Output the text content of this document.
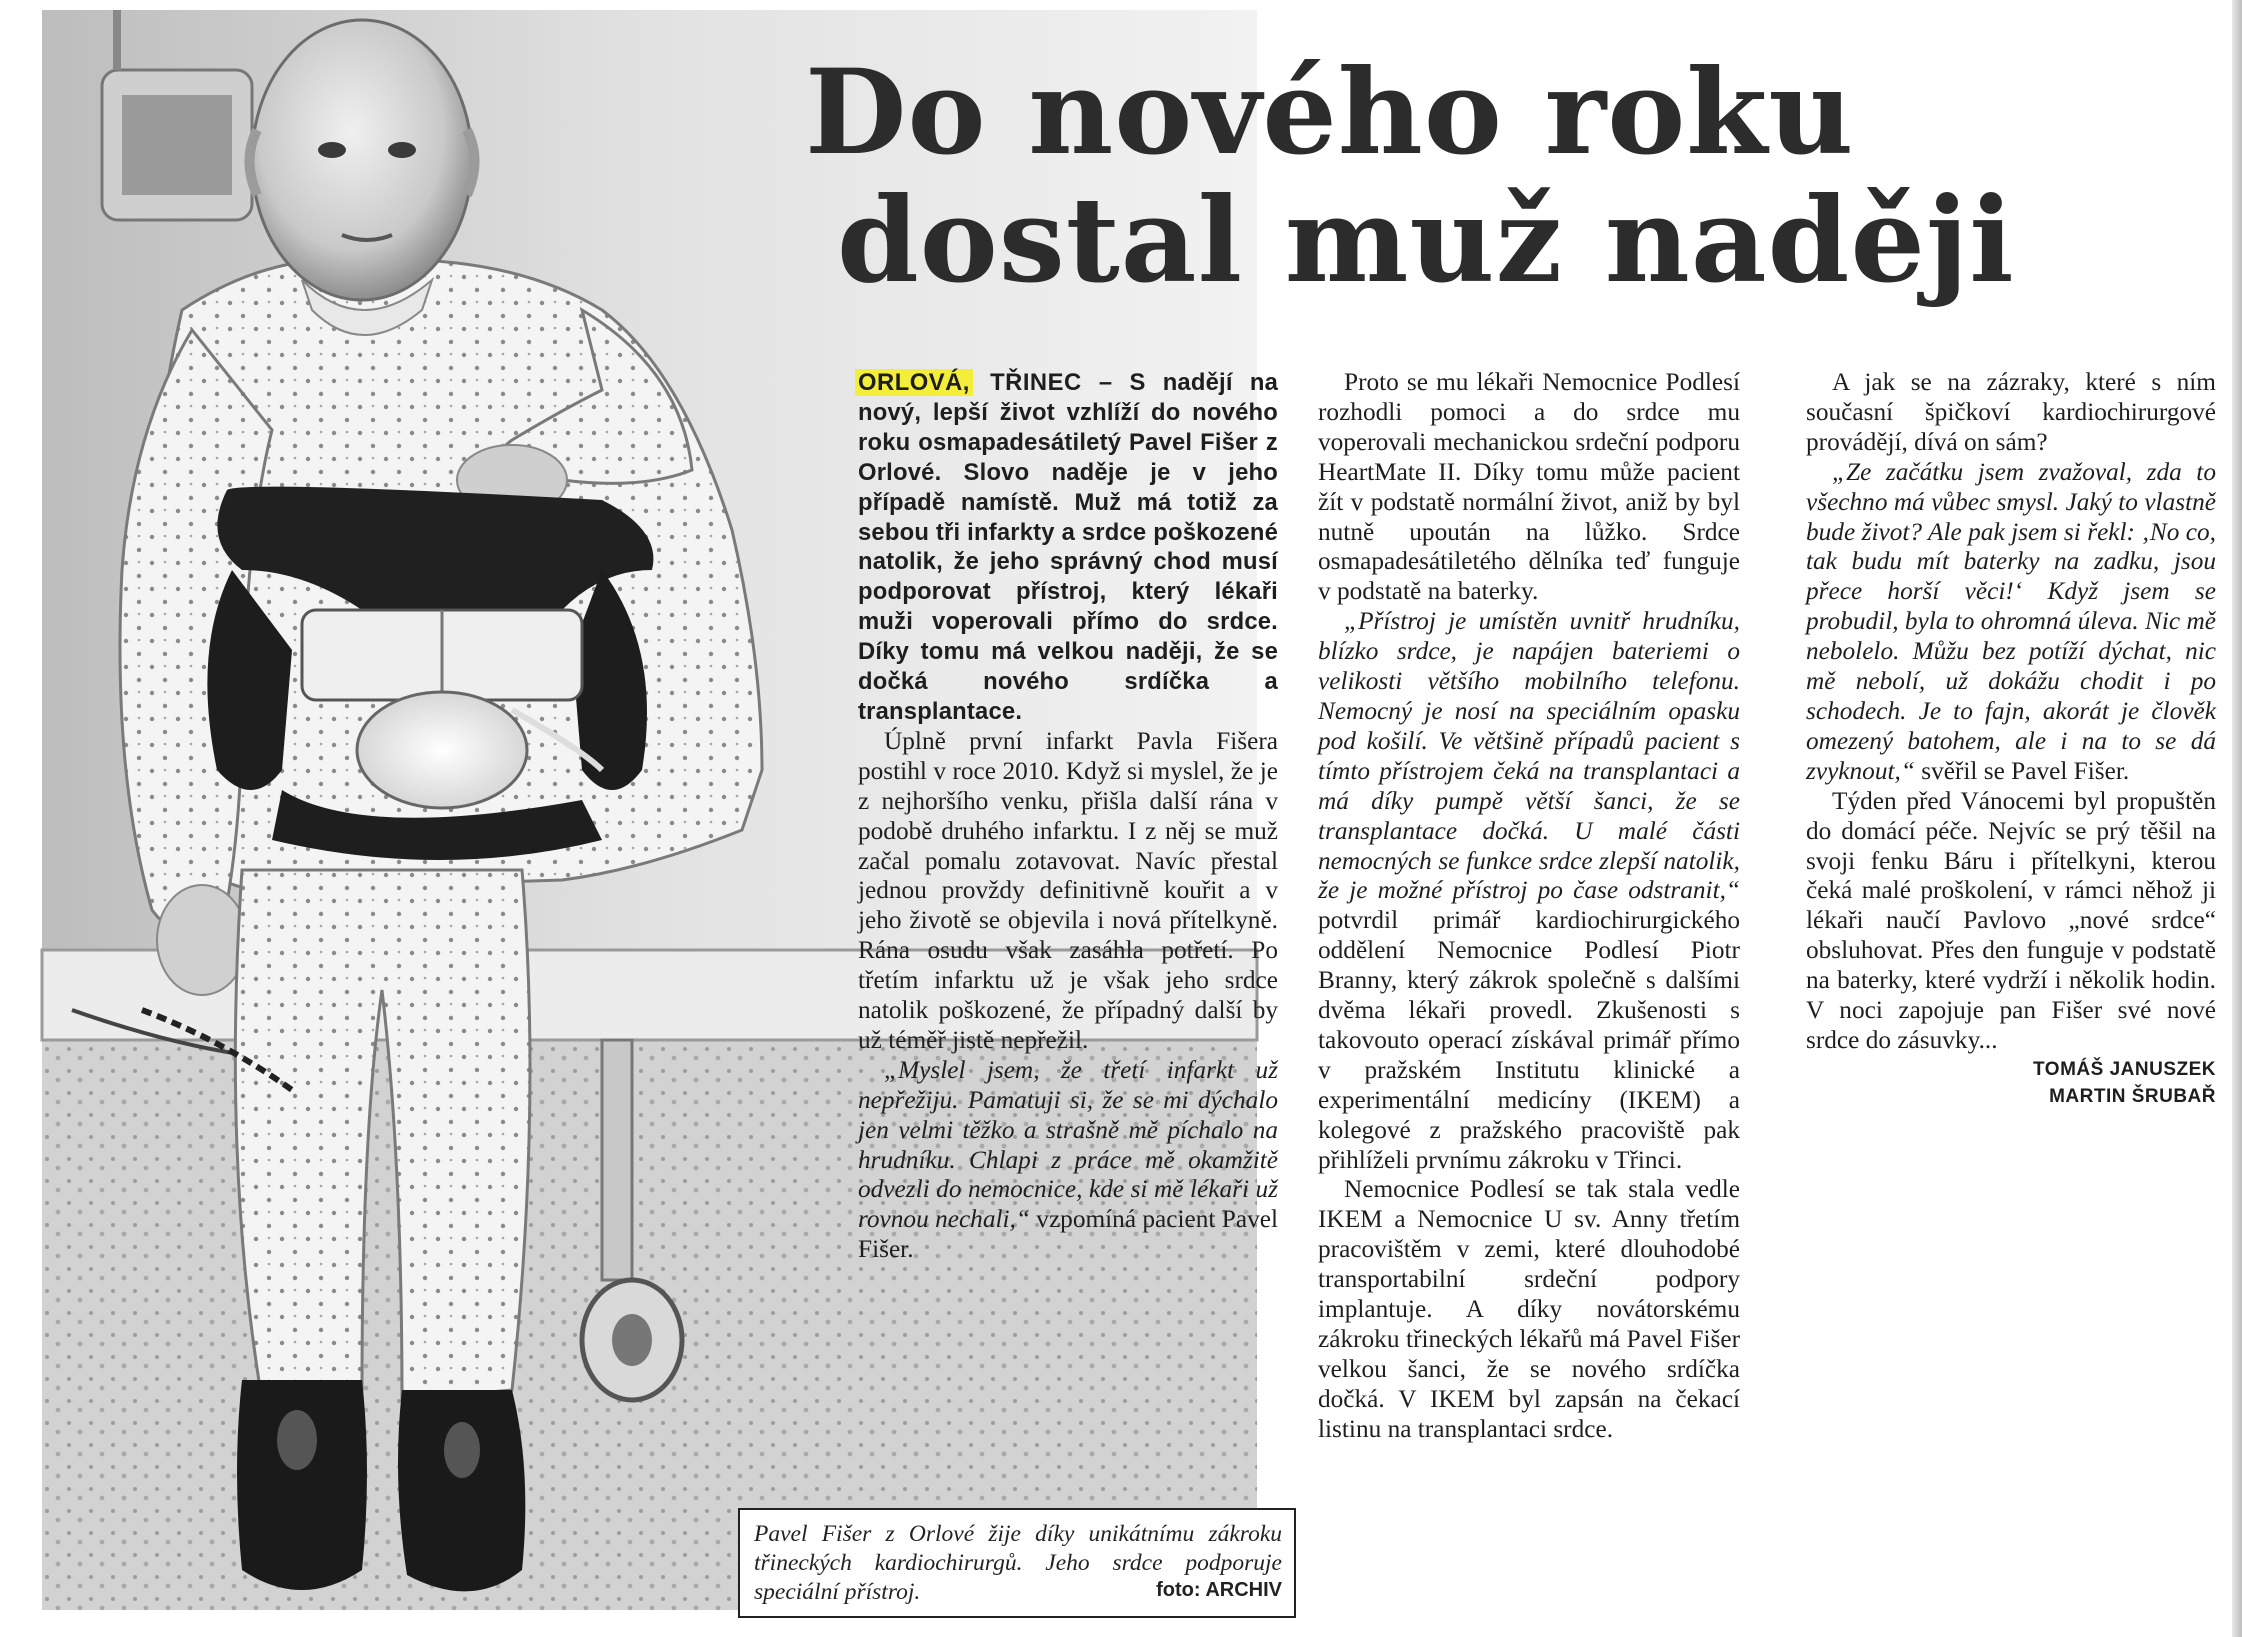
Pavel Fišer z Orlové žije díky unikátnímu zákroku třineckých kardiochirurgů. Jeho srdce podporuje speciální přístroj.	foto: ARCHIV
Do nového roku
dostal muž naději

ORLOVÁ, TŘINEC – S nadějí na nový, lepší život vzhlíží do nového roku osmapadesátiletý Pavel Fišer z Orlové. Slovo naděje je v jeho případě namístě. Muž má totiž za sebou tři infarkty a srdce poškozené natolik, že jeho správný chod musí podporovat přístroj, který lékaři muži voperovali přímo do srdce. Díky tomu má velkou naději, že se dočká nového srdíčka a transplantace.

Úplně první infarkt Pavla Fišera postihl v roce 2010. Když si myslel, že je z nejhoršího venku, přišla další rána v podobě druhého infarktu. I z něj se muž začal pomalu zotavovat. Navíc přestal jednou provždy definitivně kouřit a v jeho životě se objevila i nová přítelkyně. Rána osudu však zasáhla potřetí. Po třetím infarktu už je však jeho srdce natolik poškozené, že případný další by už téměř jistě nepřežil.

„Myslel jsem, že třetí infarkt už nepřežiju. Pamatuji si, že se mi dýchalo jen velmi těžko a strašně mě píchalo na hrudníku. Chlapi z práce mě okamžitě odvezli do nemocnice, kde si mě lékaři už rovnou nechali,“ vzpomíná pacient Pavel Fišer.

Proto se mu lékaři Nemocnice Podlesí rozhodli pomoci a do srdce mu voperovali mechanickou srdeční podporu HeartMate II. Díky tomu může pacient žít v podstatě normální život, aniž by byl nutně upoután na lůžko. Srdce osmapadesátiletého dělníka teď funguje v podstatě na baterky.

„Přístroj je umístěn uvnitř hrudníku, blízko srdce, je napájen bateriemi o velikosti většího mobilního telefonu. Nemocný je nosí na speciálním opasku pod košilí. Ve většině případů pacient s tímto přístrojem čeká na transplantaci a má díky pumpě větší šanci, že se transplantace dočká. U malé části nemocných se funkce srdce zlepší natolik, že je možné přístroj po čase odstranit,“ potvrdil primář kardiochirurgického oddělení Nemocnice Podlesí Piotr Branny, který zákrok společně s dalšími dvěma lékaři provedl. Zkušenosti s takovouto operací získával primář přímo v pražském Institutu klinické a experimentální medicíny (IKEM) a kolegové z pražského pracoviště pak přihlíželi prvnímu zákroku v Třinci.

Nemocnice Podlesí se tak stala vedle IKEM a Nemocnice U sv. Anny třetím pracovištěm v zemi, které dlouhodobé transportabilní srdeční podpory implantuje. A díky novátorskému zákroku třineckých lékařů má Pavel Fišer velkou šanci, že se nového srdíčka dočká. V IKEM byl zapsán na čekací listinu na transplantaci srdce.

A jak se na zázraky, které s ním současní špičkoví kardiochirurgové provádějí, dívá on sám?

„Ze začátku jsem zvažoval, zda to všechno má vůbec smysl. Jaký to vlastně bude život? Ale pak jsem si řekl: ‚No co, tak budu mít baterky na zadku, jsou přece horší věci!‘ Když jsem se probudil, byla to ohromná úleva. Nic mě nebolelo. Můžu bez potíží dýchat, nic mě nebolí, už dokážu chodit i po schodech. Je to fajn, akorát je člověk omezený batohem, ale i na to se dá zvyknout,“ svěřil se Pavel Fišer.

Týden před Vánocemi byl propuštěn do domácí péče. Nejvíc se prý těšil na svoji fenku Báru i přítelkyni, kterou čeká malé proškolení, v rámci něhož ji lékaři naučí Pavlovo „nové srdce“ obsluhovat. Přes den funguje v podstatě na baterky, které vydrží i několik hodin. V noci zapojuje pan Fišer své nové srdce do zásuvky...

TOMÁŠ JANUSZEK
MARTIN ŠRUBAŘ
